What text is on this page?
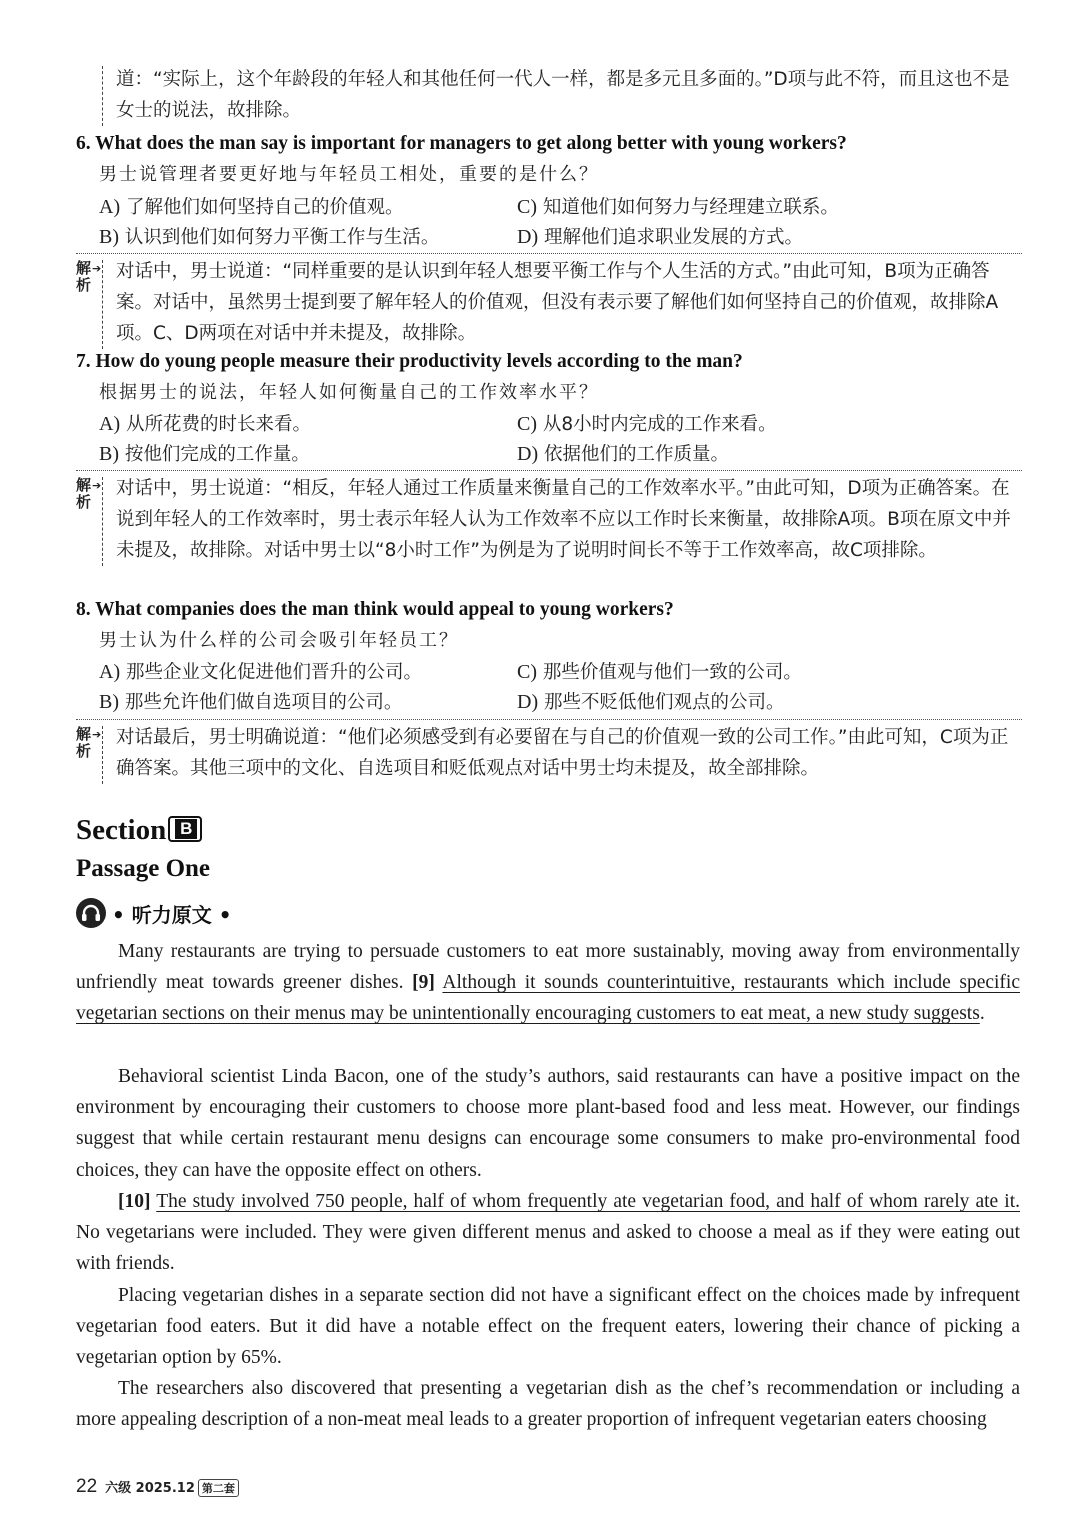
道：“实际上，这个年龄段的年轻人和其他任何一代人一样，都是多元且多面的。”D项与此不符，而且这也不是女士的说法，故排除。

6. What does the man say is important for managers to get along better with young workers?
男士说管理者要更好地与年轻员工相处，重要的是什么？
A) 了解他们如何坚持自己的价值观。	C) 知道他们如何努力与经理建立联系。
B) 认识到他们如何努力平衡工作与生活。	D) 理解他们追求职业发展的方式。
解析
➔ 对话中，男士说道：“同样重要的是认识到年轻人想要平衡工作与个人生活的方式。”由此可知，B项为正确答案。对话中，虽然男士提到要了解年轻人的价值观，但没有表示要了解他们如何坚持自己的价值观，故排除A项。C、D两项在对话中并未提及，故排除。

7. How do young people measure their productivity levels according to the man?
根据男士的说法，年轻人如何衡量自己的工作效率水平？
A) 从所花费的时长来看。	C) 从8小时内完成的工作来看。
B) 按他们完成的工作量。	D) 依据他们的工作质量。
解析
➔ 对话中，男士说道：“相反，年轻人通过工作质量来衡量自己的工作效率水平。”由此可知，D项为正确答案。在说到年轻人的工作效率时，男士表示年轻人认为工作效率不应以工作时长来衡量，故排除A项。B项在原文中并未提及，故排除。对话中男士以“8小时工作”为例是为了说明时间长不等于工作效率高，故C项排除。

8. What companies does the man think would appeal to young workers?
男士认为什么样的公司会吸引年轻员工？
A) 那些企业文化促进他们晋升的公司。	C) 那些价值观与他们一致的公司。
B) 那些允许他们做自选项目的公司。	D) 那些不贬低他们观点的公司。
解析
➔ 对话最后，男士明确说道：“他们必须感受到有必要留在与自己的价值观一致的公司工作。”由此可知，C项为正确答案。其他三项中的文化、自选项目和贬低观点对话中男士均未提及，故全部排除。

Section B
Passage One
• 听力原文 •
Many restaurants are trying to persuade customers to eat more sustainably, moving away from environmentally unfriendly meat towards greener dishes. [9] Although it sounds counterintuitive, restaurants which include specific vegetarian sections on their menus may be unintentionally encouraging customers to eat meat, a new study suggests.
Behavioral scientist Linda Bacon, one of the study’s authors, said restaurants can have a positive impact on the environment by encouraging their customers to choose more plant-based food and less meat. However, our findings suggest that while certain restaurant menu designs can encourage some consumers to make pro-environmental food choices, they can have the opposite effect on others.
[10] The study involved 750 people, half of whom frequently ate vegetarian food, and half of whom rarely ate it. No vegetarians were included. They were given different menus and asked to choose a meal as if they were eating out with friends.
Placing vegetarian dishes in a separate section did not have a significant effect on the choices made by infrequent vegetarian food eaters. But it did have a notable effect on the frequent eaters, lowering their chance of picking a vegetarian option by 65%.
The researchers also discovered that presenting a vegetarian dish as the chef’s recommendation or including a more appealing description of a non-meat meal leads to a greater proportion of infrequent vegetarian eaters choosing
22 六级 2025.12 第二套
